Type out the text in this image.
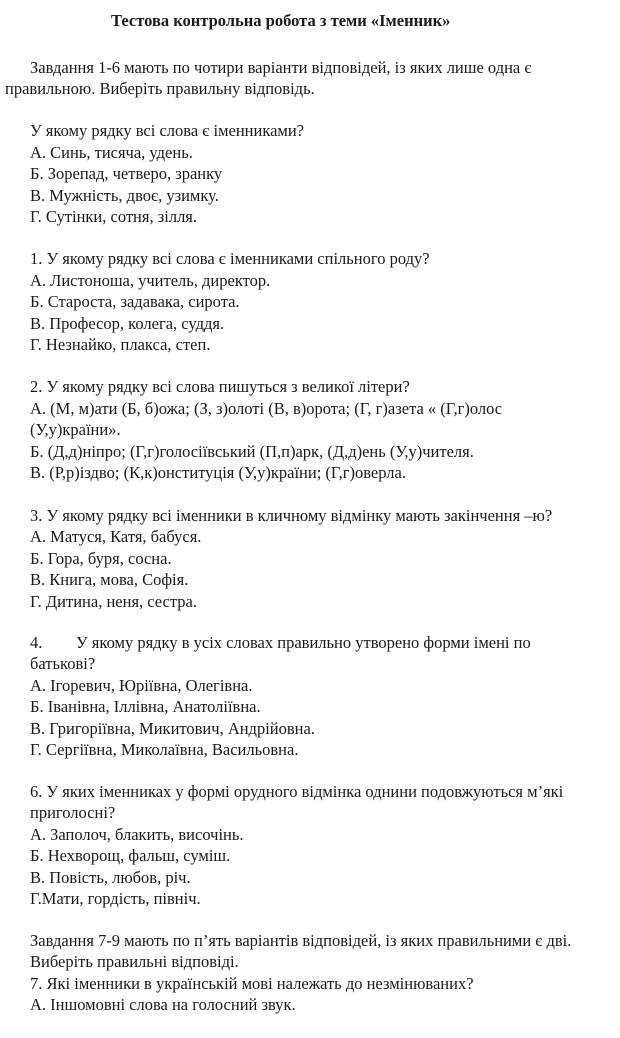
Тестова контрольна робота з теми «Іменник»
Завдання 1-6 мають по чотири варіанти відповідей, із яких лише одна є
правильною. Виберіть правильну відповідь.
У якому рядку всі слова є іменниками?
А. Синь, тисяча, удень.
Б. Зорепад, четверо, зранку
В. Мужність, двоє, узимку.
Г. Сутінки, сотня, зілля.
1. У якому рядку всі слова є іменниками спільного роду?
А. Листоноша, учитель, директор.
Б. Староста, задавака, сирота.
В. Професор, колега, суддя.
Г. Незнайко, плакса, степ.
2. У якому рядку всі слова пишуться з великої літери?
А. (М, м)ати (Б, б)ожа; (З, з)олоті (В, в)орота; (Г, г)азета « (Г,г)олос
(У,у)країни».
Б. (Д,д)ніпро; (Г,г)голосіївський (П,п)арк, (Д,д)ень (У,у)чителя.
В. (Р,р)іздво; (К,к)онституція (У,у)країни; (Г,г)оверла.
3. У якому рядку всі іменники в кличному відмінку мають закінчення –ю?
А. Матуся, Катя, бабуся.
Б. Гора, буря, сосна.
В. Книга, мова, Софія.
Г. Дитина, неня, сестра.
4. У якому рядку в усіх словах правильно утворено форми імені по
батькові?
А. Ігоревич, Юріївна, Олегівна.
Б. Іванівна, Іллівна, Анатоліївна.
В. Григоріївна, Микитович, Андрійовна.
Г. Сергіївна, Миколаївна, Васильовна.
6. У яких іменниках у формі орудного відмінка однини подовжуються м’які
приголосні?
А. Заполоч, блакить, височінь.
Б. Нехворощ, фальш, суміш.
В. Повість, любов, річ.
Г.Мати, гордість, північ.
Завдання 7-9 мають по п’ять варіантів відповідей, із яких правильними є дві.
Виберіть правильні відповіді.
7. Які іменники в українській мові належать до незмінюваних?
А. Іншомовні слова на голосний звук.
